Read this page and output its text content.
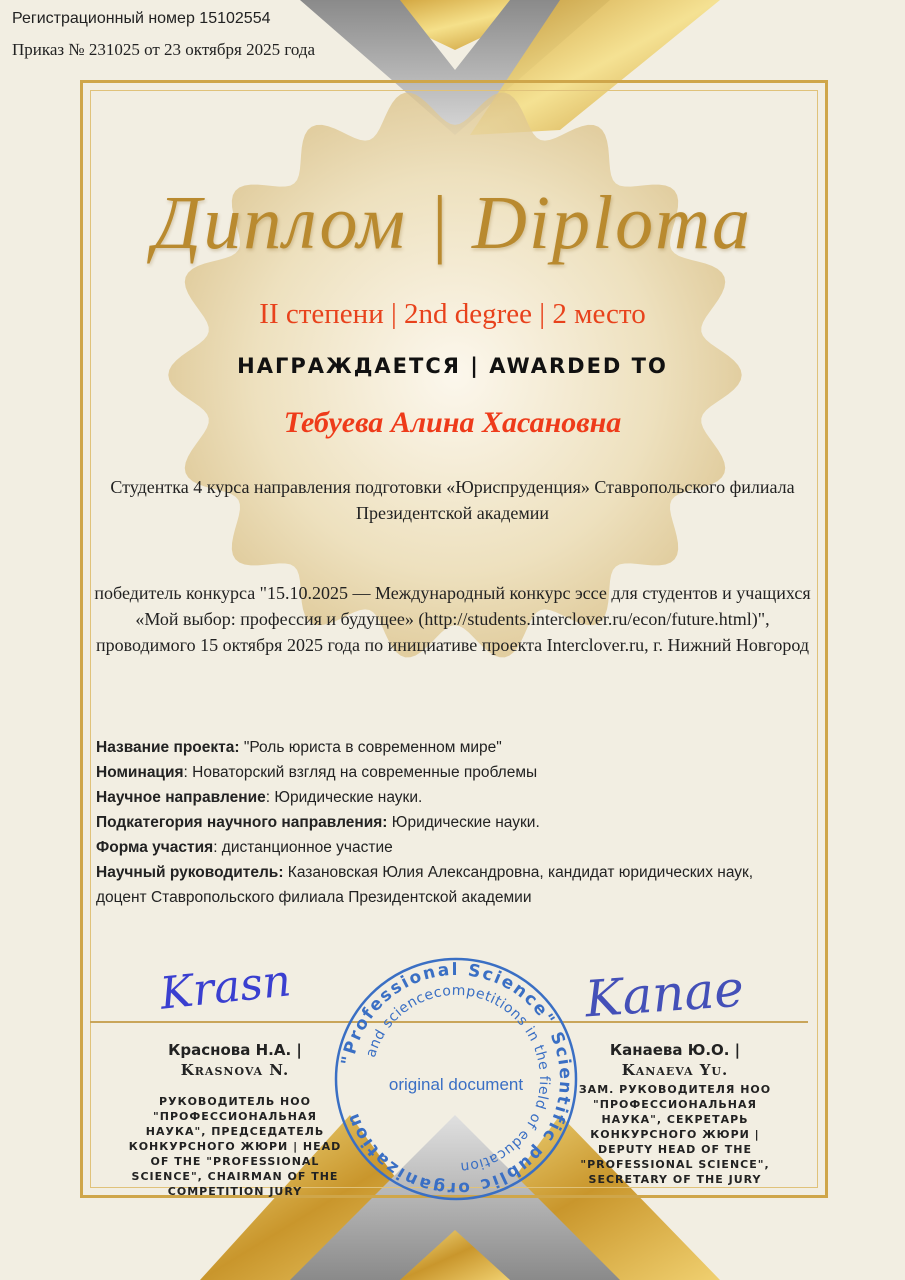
Регистрационный номер 15102554
Приказ № 231025 от 23 октября 2025 года
Диплом | Diploma
II степени | 2nd degree | 2 место
НАГРАЖДАЕТСЯ | AWARDED TO
Тебуева Алина Хасановна
Студентка 4 курса направления подготовки «Юриспруденция» Ставропольского филиала Президентской академии
победитель конкурса "15.10.2025 — Международный конкурс эссе для студентов и учащихся «Мой выбор: профессия и будущее» (http://students.interclover.ru/econ/future.html)", проводимого 15 октября 2025 года по инициативе проекта Interclover.ru, г. Нижний Новгород
Название проекта: "Роль юриста в современном мире"
Номинация: Новаторский взгляд на современные проблемы
Научное направление: Юридические науки.
Подкатегория научного направления: Юридические науки.
Форма участия: дистанционное участие
Научный руководитель: Казановская Юлия Александровна, кандидат юридических наук, доцент Ставропольского филиала Президентской академии
Krasn	Kanae
Краснова Н.А. |
Krasnova N.
РУКОВОДИТЕЛЬ НОО "ПРОФЕССИОНАЛЬНАЯ НАУКА", ПРЕДСЕДАТЕЛЬ КОНКУРСНОГО ЖЮРИ | HEAD OF THE "PROFESSIONAL SCIENCE", CHAIRMAN OF THE COMPETITION JURY
Канаева Ю.О. |
Kanaeva Yu.
ЗАМ. РУКОВОДИТЕЛЯ НОО "ПРОФЕССИОНАЛЬНАЯ НАУКА", СЕКРЕТАРЬ КОНКУРСНОГО ЖЮРИ | DEPUTY HEAD OF THE "PROFESSIONAL SCIENCE", SECRETARY OF THE JURY
"Professional Science" Scientific public organization
and sciencecompetitions in the field of education
original document
